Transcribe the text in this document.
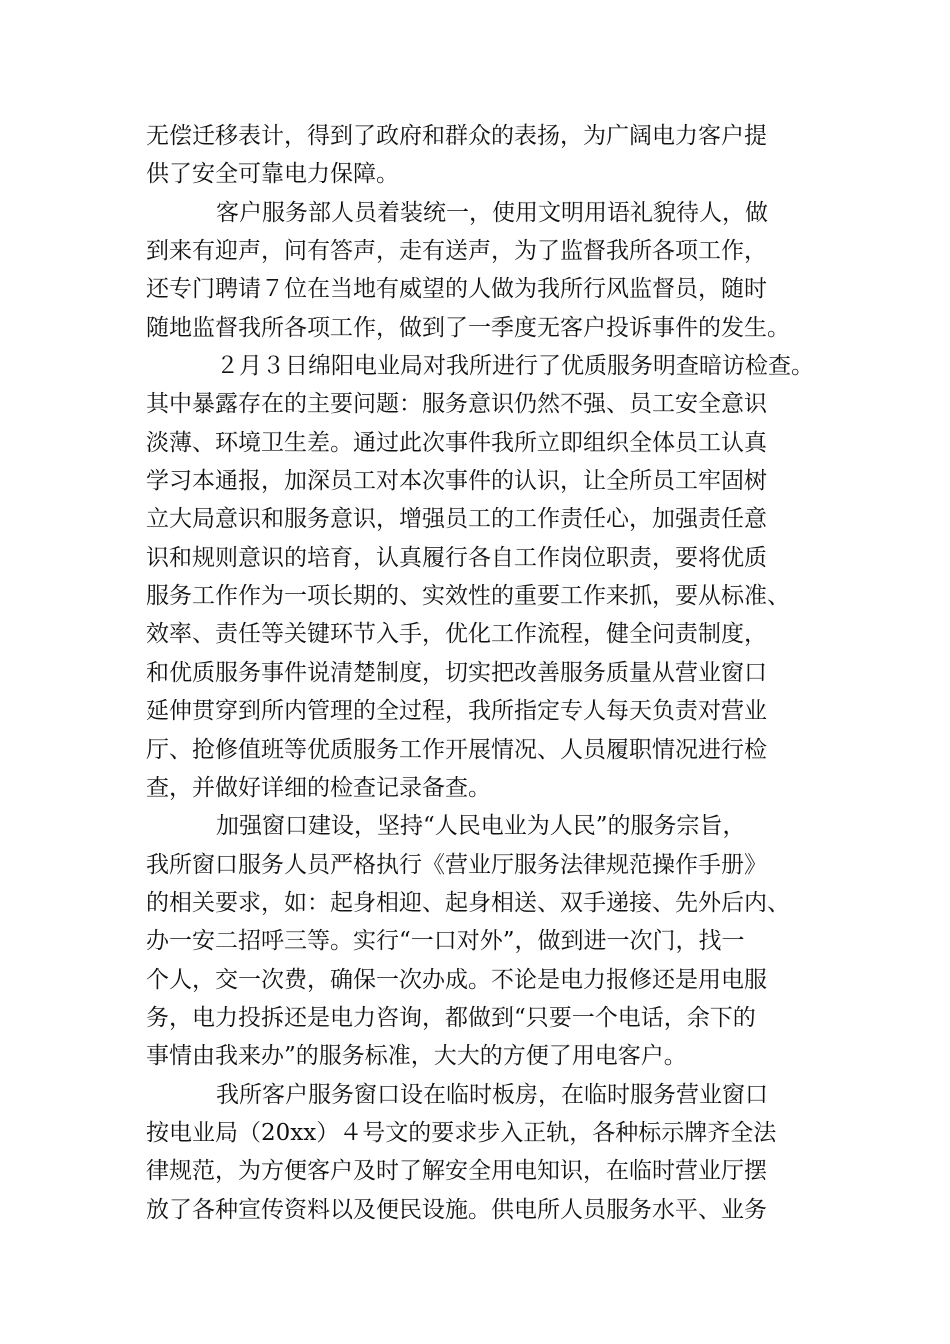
无偿迁移表计，得到了政府和群众的表扬，为广阔电力客户提
供了安全可靠电力保障。
客户服务部人员着装统一，使用文明用语礼貌待人，做
到来有迎声，问有答声，走有送声，为了监督我所各项工作，
还专门聘请７位在当地有威望的人做为我所行风监督员，随时
随地监督我所各项工作，做到了一季度无客户投诉事件的发生。
２月３日绵阳电业局对我所进行了优质服务明查暗访检查。
其中暴露存在的主要问题：服务意识仍然不强、员工安全意识
淡薄、环境卫生差。通过此次事件我所立即组织全体员工认真
学习本通报，加深员工对本次事件的认识，让全所员工牢固树
立大局意识和服务意识，增强员工的工作责任心，加强责任意
识和规则意识的培育，认真履行各自工作岗位职责，要将优质
服务工作作为一项长期的、实效性的重要工作来抓，要从标准、
效率、责任等关键环节入手，优化工作流程，健全问责制度，
和优质服务事件说清楚制度，切实把改善服务质量从营业窗口
延伸贯穿到所内管理的全过程，我所指定专人每天负责对营业
厅、抢修值班等优质服务工作开展情况、人员履职情况进行检
查，并做好详细的检查记录备查。
加强窗口建设，坚持“人民电业为人民”的服务宗旨，
我所窗口服务人员严格执行《营业厅服务法律规范操作手册》
的相关要求，如：起身相迎、起身相送、双手递接、先外后内、
办一安二招呼三等。实行“一口对外”，做到进一次门，找一
个人，交一次费，确保一次办成。不论是电力报修还是用电服
务，电力投拆还是电力咨询，都做到“只要一个电话，余下的
事情由我来办”的服务标准，大大的方便了用电客户。
我所客户服务窗口设在临时板房，在临时服务营业窗口
按电业局（20xx）４号文的要求步入正轨，各种标示牌齐全法
律规范，为方便客户及时了解安全用电知识，在临时营业厅摆
放了各种宣传资料以及便民设施。供电所人员服务水平、业务
